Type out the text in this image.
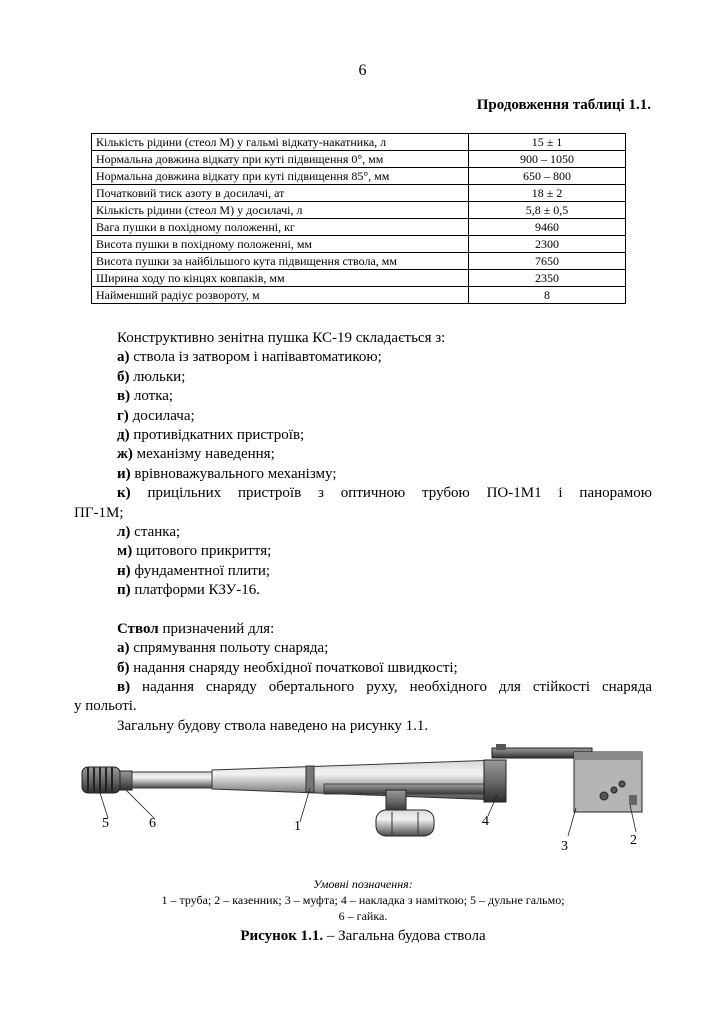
6
Продовження таблиці 1.1.
Кількість рідини (стеол М) у гальмі відкату-накатника, л	15 ± 1
Нормальна довжина відкату при куті підвищення 0°, мм	900 – 1050
Нормальна довжина відкату при куті підвищення 85°, мм	650 – 800
Початковий тиск азоту в досилачі, ат	18 ± 2
Кількість рідини (стеол М) у досилачі, л	5,8 ± 0,5
Вага пушки в похідному положенні, кг	9460
Висота пушки в похідному положенні, мм	2300
Висота пушки за найбільшого кута підвищення ствола, мм	7650
Ширина ходу по кінцях ковпаків, мм	2350
Найменший радіус розвороту, м	8

Конструктивно зенітна пушка КС-19 складається з:

а) ствола із затвором і напівавтоматикою;

б) люльки;

в) лотка;

г) досилача;

д) противідкатних пристроїв;

ж) механізму наведення;

и) врівноважувального механізму;

к) прицільних пристроїв з оптичною трубою ПО-1М1 і панорамою

ПГ-1М;

л) станка;

м) щитового прикриття;

н) фундаментної плити;

п) платформи КЗУ-16.

Ствол призначений для:

а) спрямування польоту снаряда;

б) надання снаряду необхідної початкової швидкості;

в) надання снаряду обертального руху, необхідного для стійкості снаряда

у польоті.

Загальну будову ствола наведено на рисунку 1.1.

5	6	1	4
3	2
Умовні позначення:
1 – труба; 2 – казенник; 3 – муфта; 4 – накладка з наміткою; 5 – дульне гальмо;
6 – гайка.
Рисунок 1.1. – Загальна будова ствола
